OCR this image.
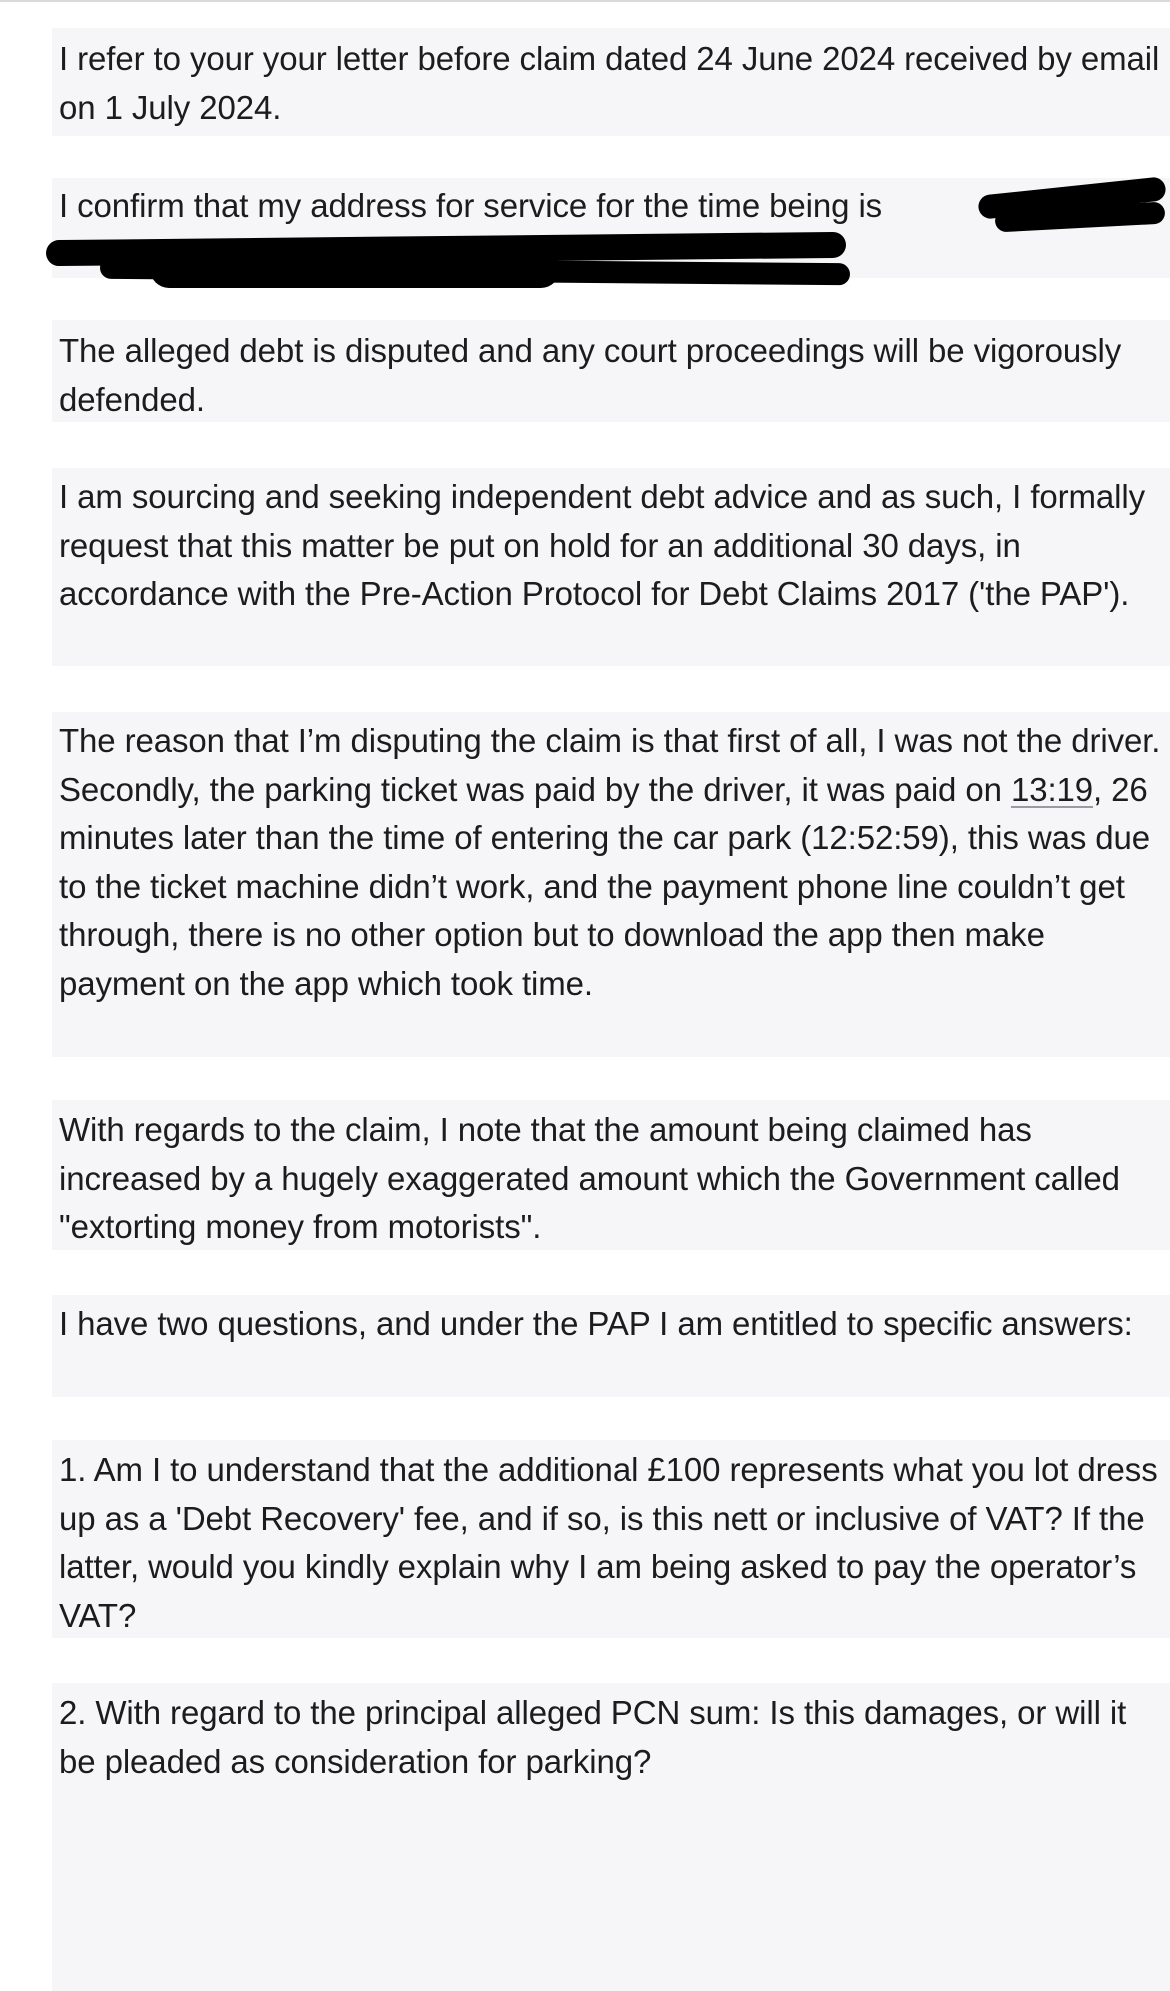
I refer to your your letter before claim dated 24 June 2024 received by email on 1 July 2024.

I confirm that my address for service for the time being is

The alleged debt is disputed and any court proceedings will be vigorously defended.

I am sourcing and seeking independent debt advice and as such, I formally request that this matter be put on hold for an additional 30 days, in accordance with the Pre-Action Protocol for Debt Claims 2017 ('the PAP').

The reason that I’m disputing the claim is that first of all, I was not the driver. Secondly, the parking ticket was paid by the driver, it was paid on 13:19, 26 minutes later than the time of entering the car park (12:52:59), this was due to the ticket machine didn’t work, and the payment phone line couldn’t get through, there is no other option but to download the app then make payment on the app which took time.

With regards to the claim, I note that the amount being claimed has increased by a hugely exaggerated amount which the Government called "extorting money from motorists".

I have two questions, and under the PAP I am entitled to specific answers:

1. Am I to understand that the additional £100 represents what you lot dress up as a 'Debt Recovery' fee, and if so, is this nett or inclusive of VAT? If the latter, would you kindly explain why I am being asked to pay the operator’s VAT?

2. With regard to the principal alleged PCN sum: Is this damages, or will it be pleaded as consideration for parking?
